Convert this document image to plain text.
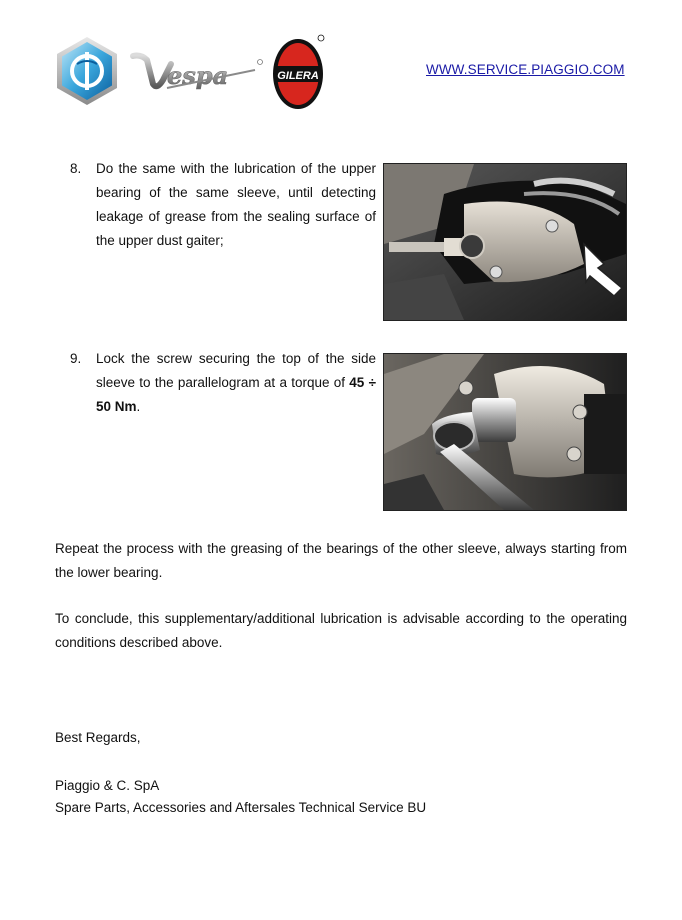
espa	GILERA	WWW.SERVICE.PIAGGIO.COM
8. Do the same with the lubrication of the upper bearing of the same sleeve, until detecting leakage of grease from the sealing surface of the upper dust gaiter;
9. Lock the screw securing the top of the side sleeve to the parallelogram at a torque of 45 ÷ 50 Nm.

Repeat the process with the greasing of the bearings of the other sleeve, always starting from the lower bearing.

To conclude, this supplementary/additional lubrication is advisable according to the operating conditions described above.

Best Regards,
Piaggio & C. SpA
Spare Parts, Accessories and Aftersales Technical Service BU
